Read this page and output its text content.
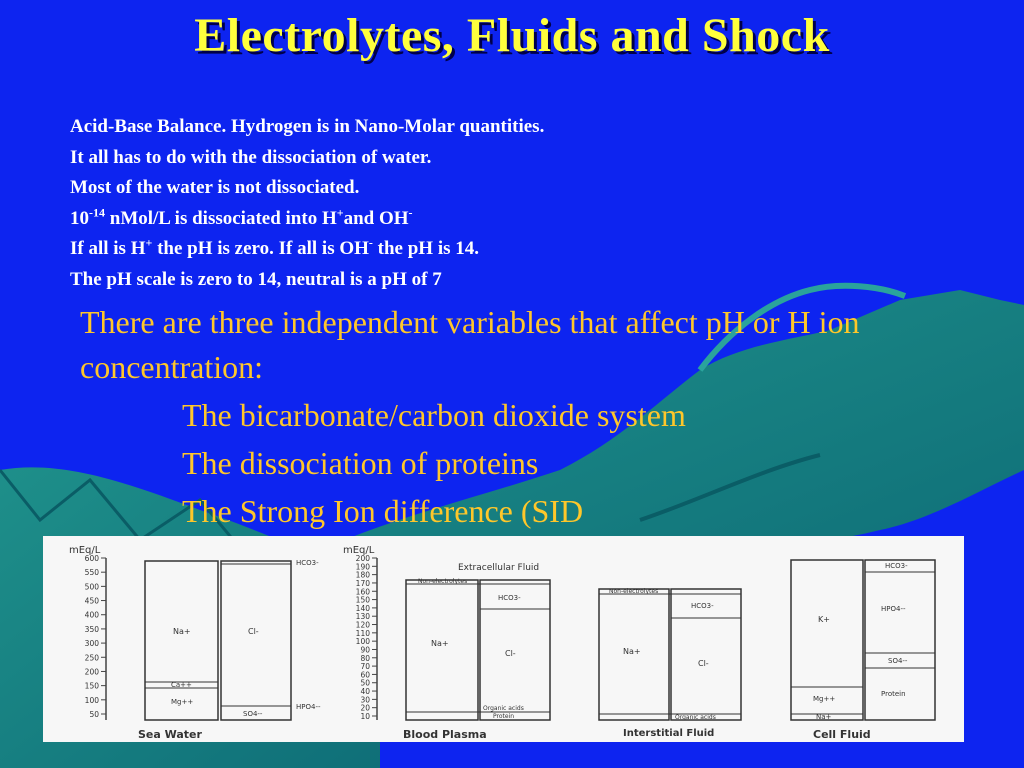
Electrolytes, Fluids and Shock
Acid-Base Balance. Hydrogen is in Nano-Molar quantities.
It all has to do with the dissociation of water.
Most of the water is not dissociated.
$10^{-14}$ nMol/L is dissociated into H+and OH-
If all is H+ the pH is zero. If all is OH- the pH is 14.
The pH scale is zero to 14, neutral is a pH of 7
There are three independent variables that affect pH or H ion concentration:
The bicarbonate/carbon dioxide system
The dissociation of proteins
The Strong Ion difference (SID
mEq/L
600
550
500
450
400
350
300
250
200
150
100
50
Na+
Ca++
Mg++
Cl-
SO4--
HCO3-
HPO4--
Sea Water
mEq/L
Extracellular Fluid
200
190
180
170
160
150
140
130
120
110
100
90
80
70
60
50
40
30
20
10
Non-electrolytes
Na+
HCO3-
Cl-
Organic acids
Protein
Blood Plasma
Non-electrolytes
Na+
HCO3-
Cl-
Organic acids
Interstitial Fluid
K+
HCO3-
HPO4--
SO4--
Protein
Mg++
Na+
Cell Fluid
